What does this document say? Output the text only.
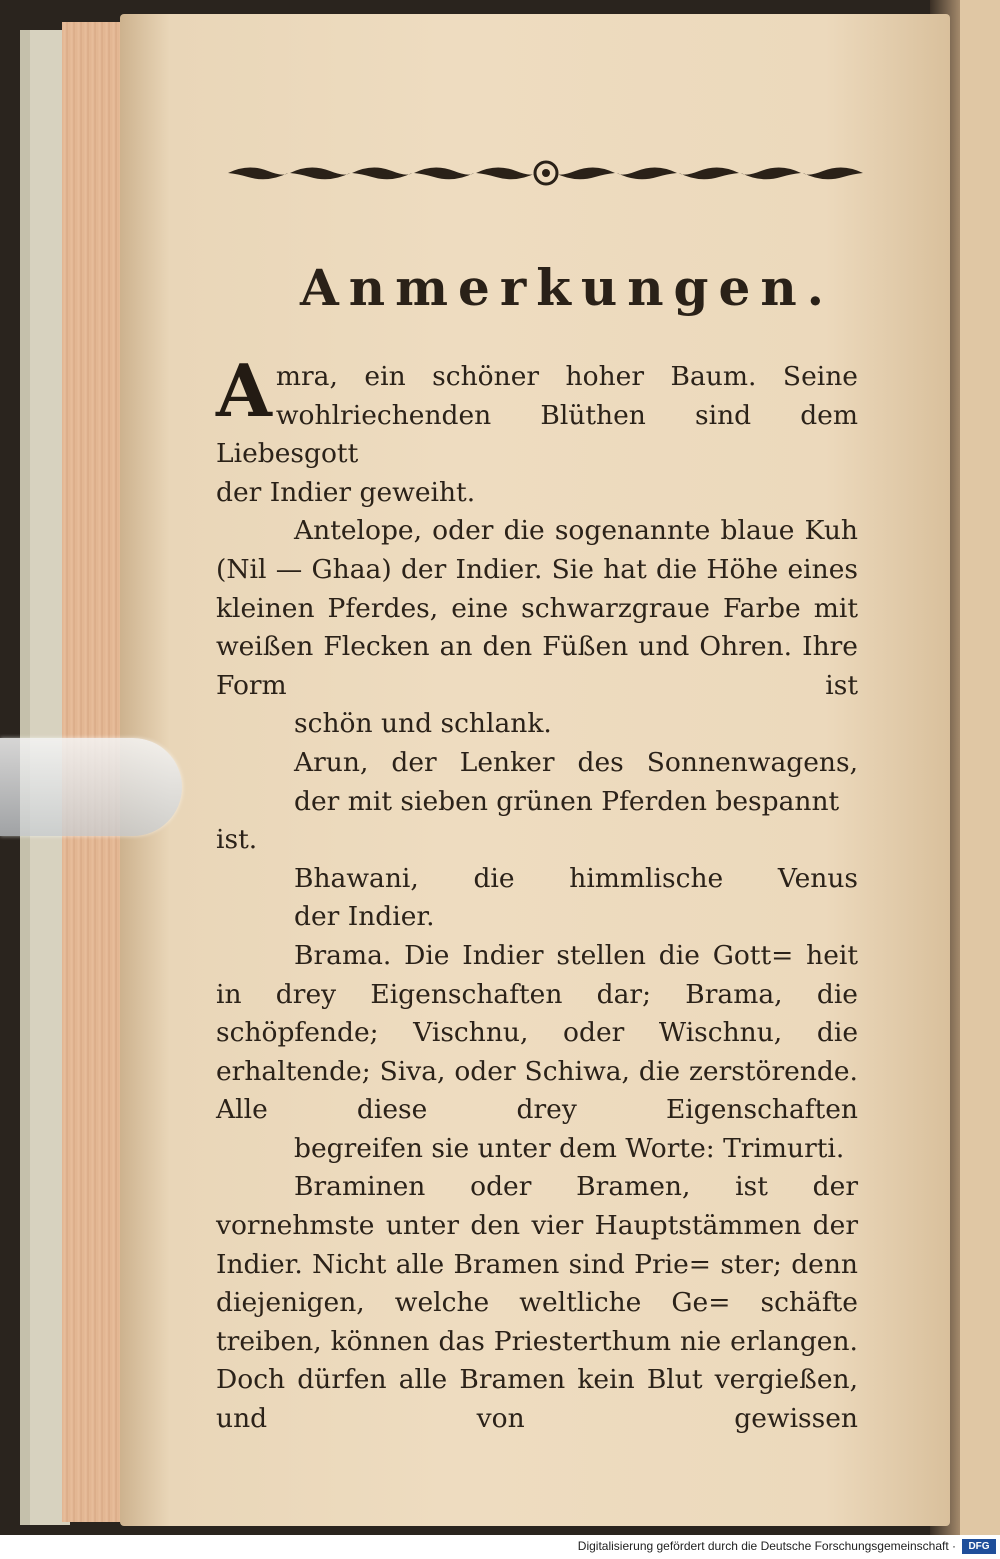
Anmerkungen.

Amra, ein schöner hoher Baum. Seine wohlriechenden Blüthen sind dem Liebesgott
der Indier geweiht.

Antelope, oder die sogenannte blaue Kuh (Nil — Ghaa) der Indier. Sie hat die Höhe eines kleinen Pferdes, eine schwarzgraue Farbe mit weißen Flecken an den Füßen und Ohren. Ihre Form ist
schön und schlank.

Arun, der Lenker des Sonnenwagens,
der mit sieben grünen Pferden bespannt ist.

Bhawani, die himmlische Venus
der Indier.

Brama. Die Indier stellen die Gott= heit in drey Eigenschaften dar; Brama, die schöpfende; Vischnu, oder Wischnu, die erhaltende; Siva, oder Schiwa, die zerstörende. Alle diese drey Eigenschaften
begreifen sie unter dem Worte: Trimurti.

Braminen oder Bramen, ist der vornehmste unter den vier Hauptstämmen der Indier. Nicht alle Bramen sind Prie= ster; denn diejenigen, welche weltliche Ge= schäfte treiben, können das Priesterthum nie erlangen. Doch dürfen alle Bramen kein Blut vergießen, und von gewissen

Digitalisierung gefördert durch die Deutsche Forschungsgemeinschaft ·	DFG
